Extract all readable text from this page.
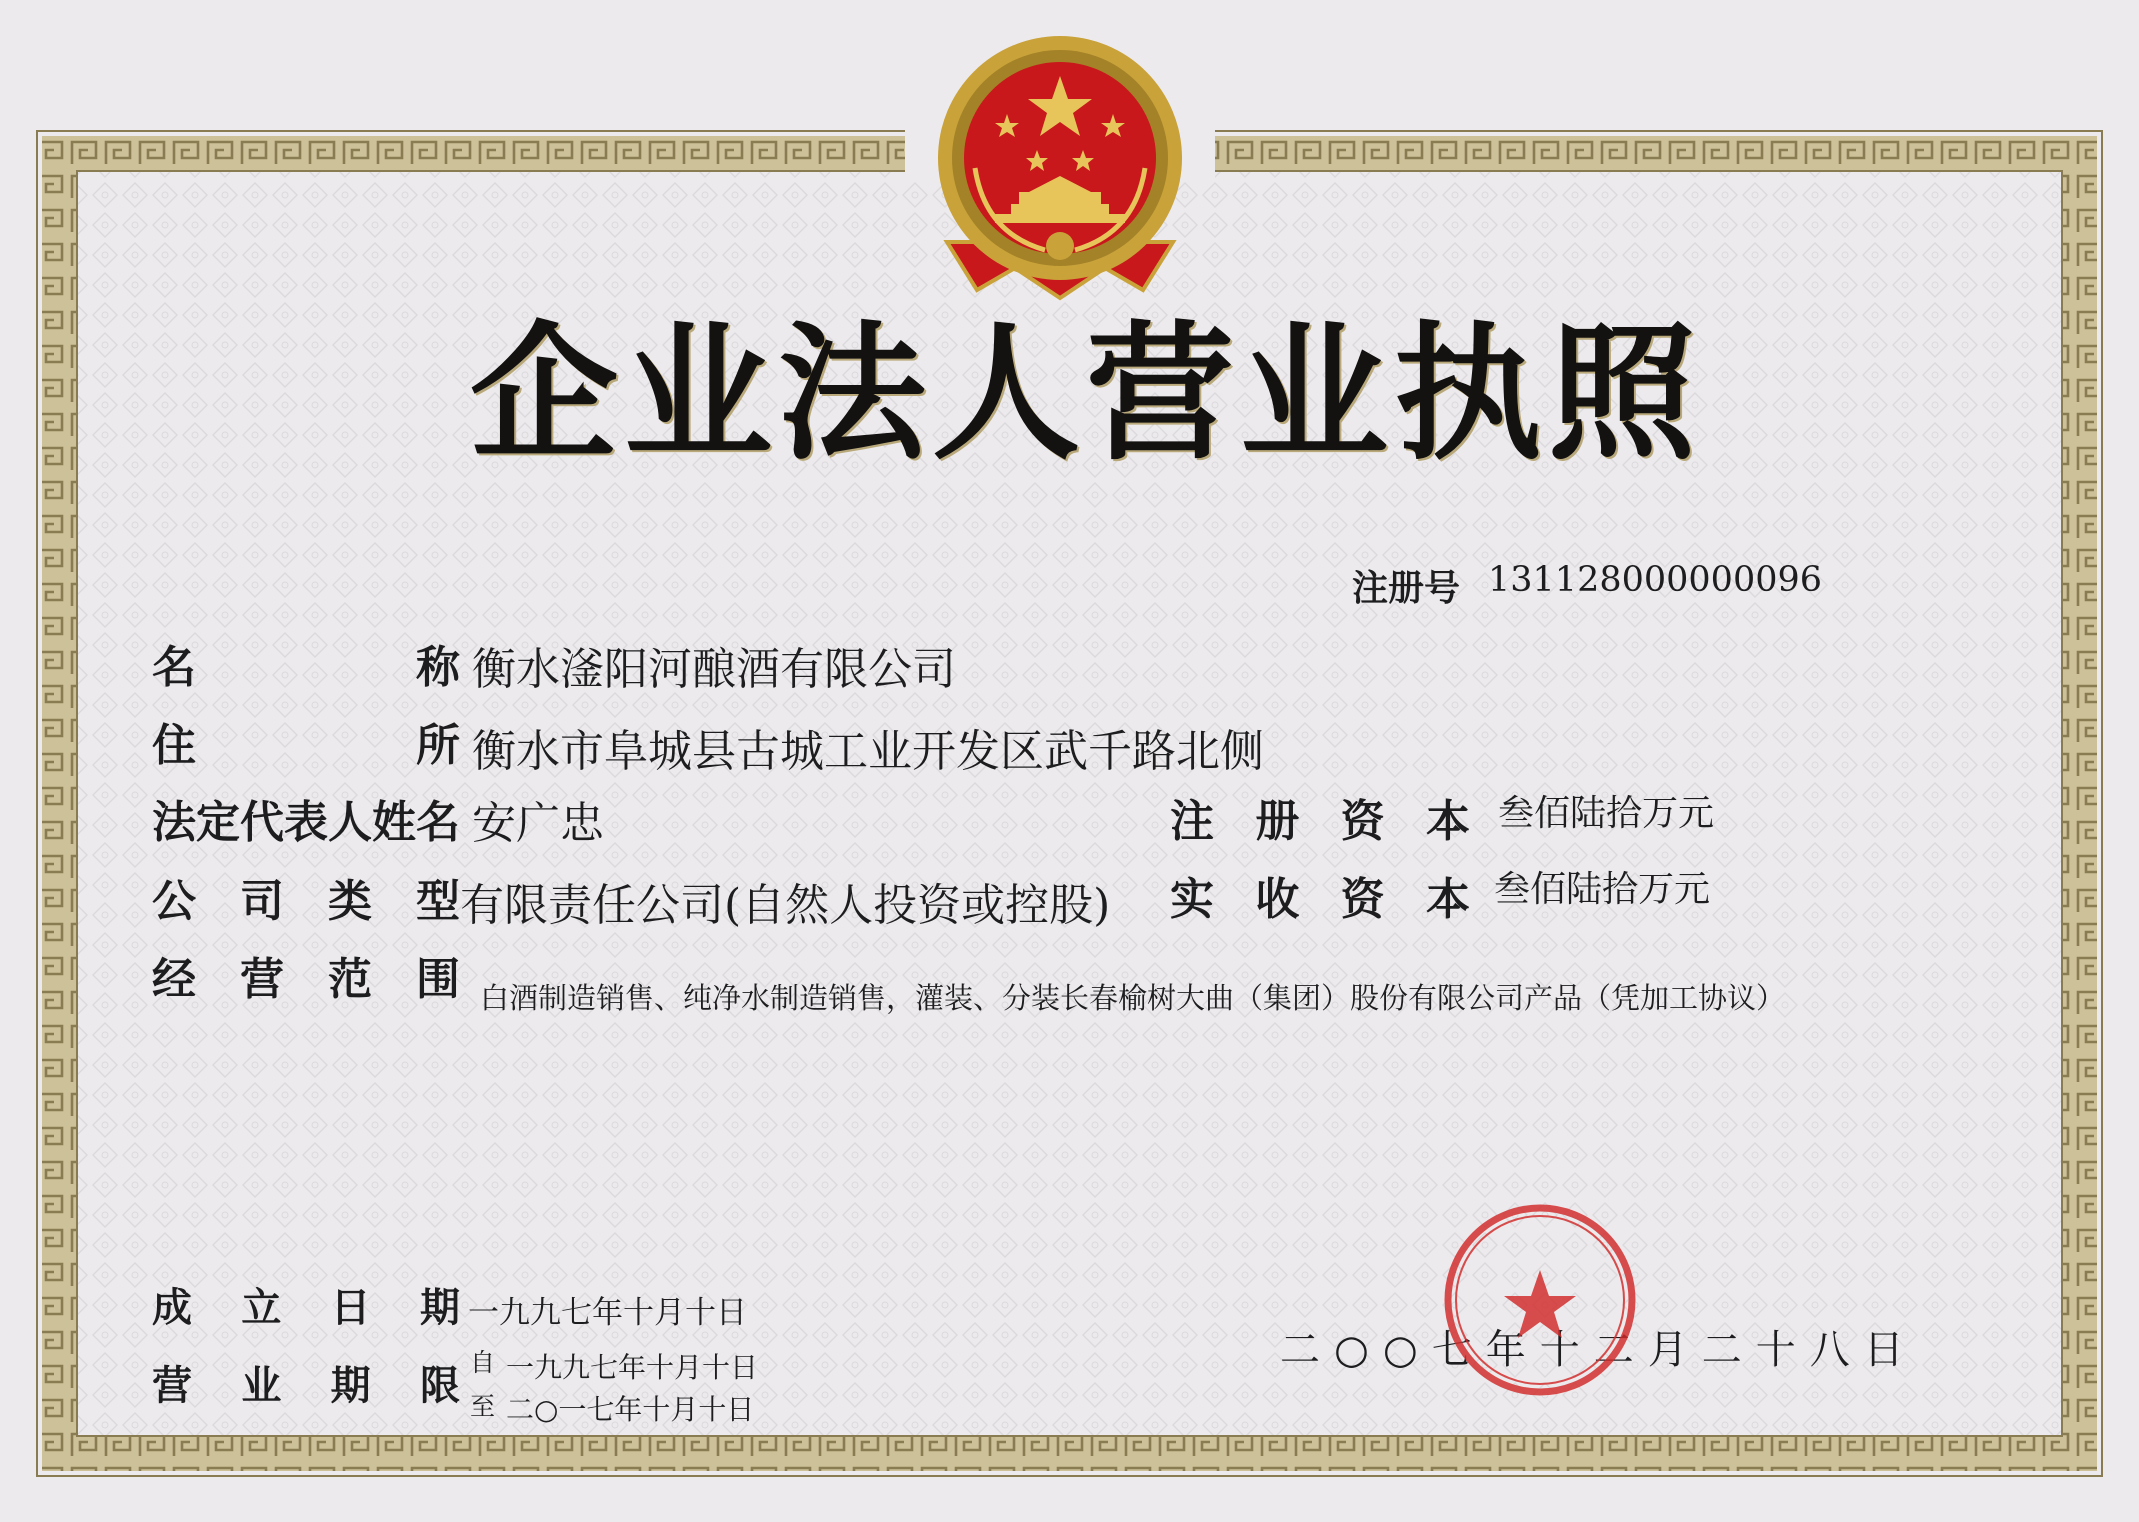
企业法人营业执照
注册号 131128000000096
名	称 衡水滏阳河酿酒有限公司
住	所 衡水市阜城县古城工业开发区武千路北侧
法定代表人姓名 安广忠	注 册 资 本 叁佰陆拾万元
公 司 类 型 有限责任公司(自然人投资或控股) 实 收 资 本 叁佰陆拾万元
经 营 范 围 白酒制造销售、纯净水制造销售，灌装、分装长春榆树大曲（集团）股份有限公司产品（凭加工协议）
成 立 日 期 一九九七年十月十日
营 业 期 限
自 一九九七年十月十日
至 二○一七年十月十日
二○○七年十二月二十八日
